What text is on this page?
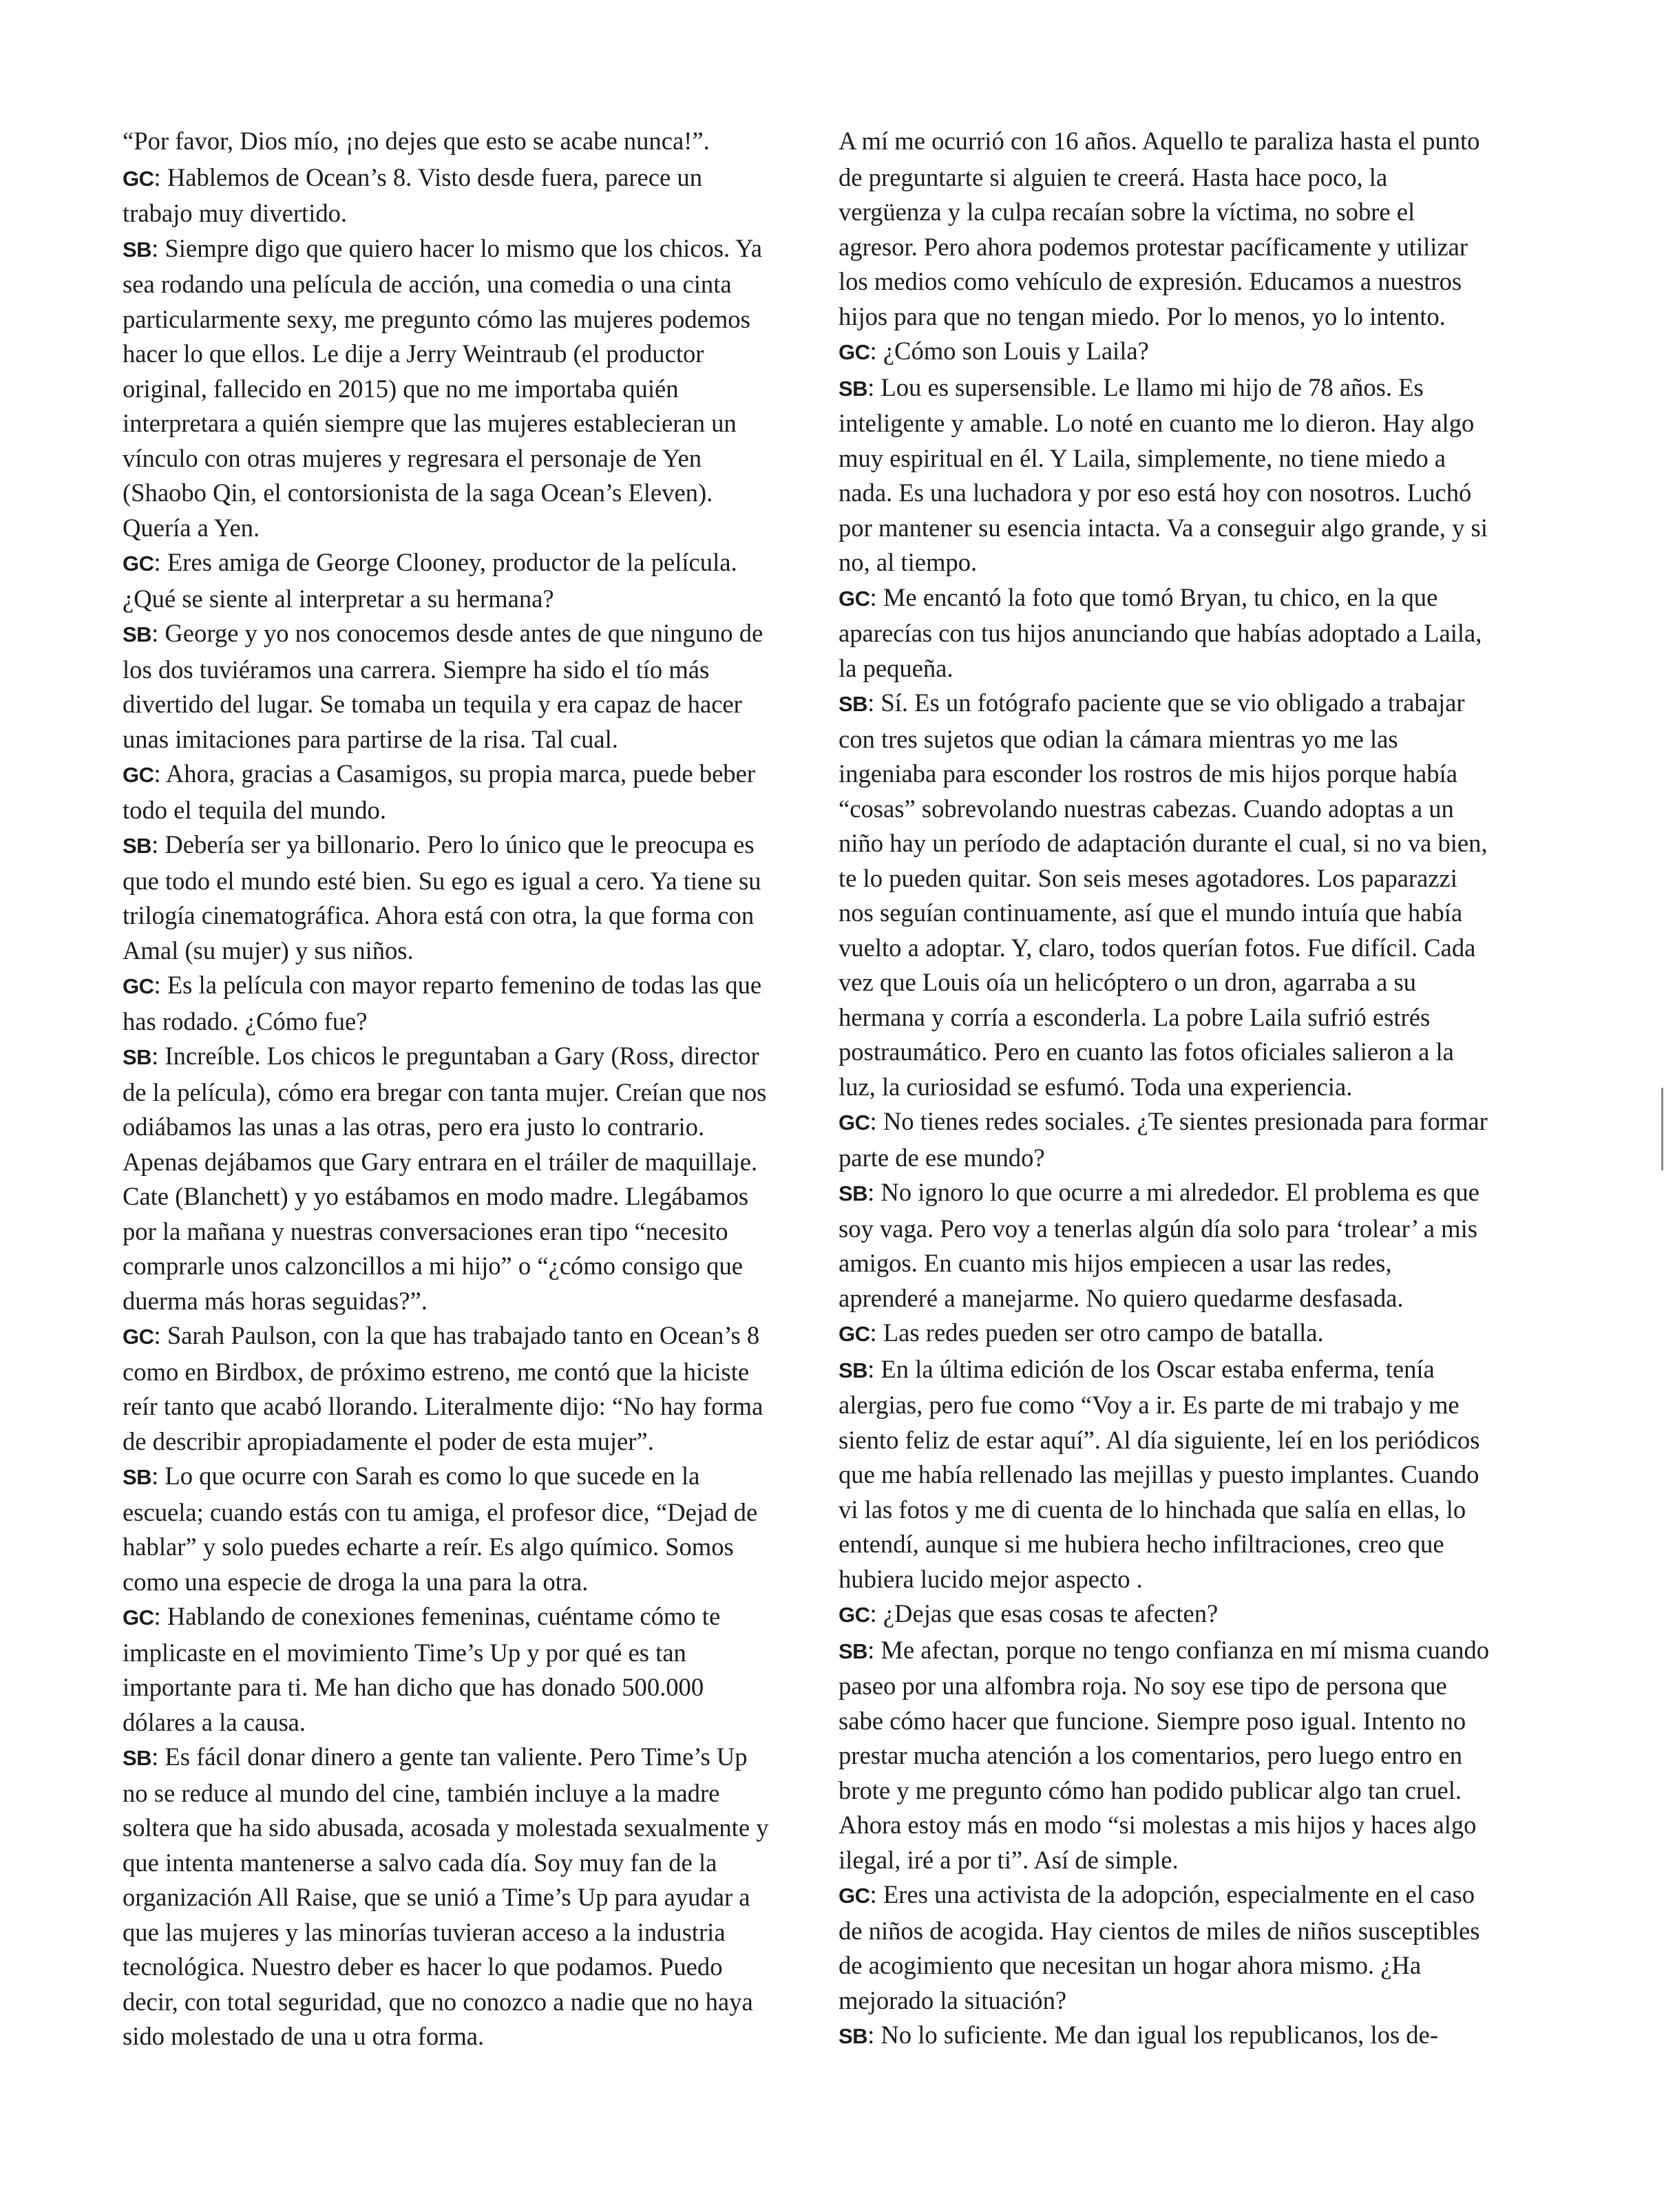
“Por favor, Dios mío, ¡no dejes que esto se acabe nunca!”.

GC: Hablemos de Ocean’s 8. Visto desde fuera, parece un trabajo muy divertido.

SB: Siempre digo que quiero hacer lo mismo que los chicos. Ya sea rodando una película de acción, una comedia o una cinta particularmente sexy, me pregunto cómo las mujeres podemos hacer lo que ellos. Le dije a Jerry Weintraub (el productor original, fallecido en 2015) que no me importaba quién interpretara a quién siempre que las mujeres establecieran un vínculo con otras mujeres y regresara el personaje de Yen (Shaobo Qin, el contorsionista de la saga Ocean’s Eleven). Quería a Yen.

GC: Eres amiga de George Clooney, productor de la película. ¿Qué se siente al interpretar a su hermana?

SB: George y yo nos conocemos desde antes de que ninguno de los dos tuviéramos una carrera. Siempre ha sido el tío más divertido del lugar. Se tomaba un tequila y era capaz de hacer unas imitaciones para partirse de la risa. Tal cual.

GC: Ahora, gracias a Casamigos, su propia marca, puede beber todo el tequila del mundo.

SB: Debería ser ya billonario. Pero lo único que le preocupa es que todo el mundo esté bien. Su ego es igual a cero. Ya tiene su trilogía cinematográfica. Ahora está con otra, la que forma con Amal (su mujer) y sus niños.

GC: Es la película con mayor reparto femenino de todas las que has rodado. ¿Cómo fue?

SB: Increíble. Los chicos le preguntaban a Gary (Ross, director de la película), cómo era bregar con tanta mujer. Creían que nos odiábamos las unas a las otras, pero era justo lo contrario. Apenas dejábamos que Gary entrara en el tráiler de maquillaje. Cate (Blanchett) y yo estábamos en modo madre. Llegábamos por la mañana y nuestras conversaciones eran tipo “necesito comprarle unos calzoncillos a mi hijo” o “¿cómo consigo que duerma más horas seguidas?”.

GC: Sarah Paulson, con la que has trabajado tanto en Ocean’s 8 como en Birdbox, de próximo estreno, me contó que la hiciste reír tanto que acabó llorando. Literalmente dijo: “No hay forma de describir apropiadamente el poder de esta mujer”.

SB: Lo que ocurre con Sarah es como lo que sucede en la escuela; cuando estás con tu amiga, el profesor dice, “Dejad de hablar” y solo puedes echarte a reír. Es algo químico. Somos como una especie de droga la una para la otra.

GC: Hablando de conexiones femeninas, cuéntame cómo te implicaste en el movimiento Time’s Up y por qué es tan importante para ti. Me han dicho que has donado 500.000 dólares a la causa.

SB: Es fácil donar dinero a gente tan valiente. Pero Time’s Up no se reduce al mundo del cine, también incluye a la madre soltera que ha sido abusada, acosada y molestada sexualmente y que intenta mantenerse a salvo cada día. Soy muy fan de la organización All Raise, que se unió a Time’s Up para ayudar a que las mujeres y las minorías tuvieran acceso a la industria tecnológica. Nuestro deber es hacer lo que podamos. Puedo decir, con total seguridad, que no conozco a nadie que no haya sido molestado de una u otra forma.

A mí me ocurrió con 16 años. Aquello te paraliza hasta el punto de preguntarte si alguien te creerá. Hasta hace poco, la vergüenza y la culpa recaían sobre la víctima, no sobre el agresor. Pero ahora podemos protestar pacíficamente y utilizar los medios como vehículo de expresión. Educamos a nuestros hijos para que no tengan miedo. Por lo menos, yo lo intento.

GC: ¿Cómo son Louis y Laila?

SB: Lou es supersensible. Le llamo mi hijo de 78 años. Es inteligente y amable. Lo noté en cuanto me lo dieron. Hay algo muy espiritual en él. Y Laila, simplemente, no tiene miedo a nada. Es una luchadora y por eso está hoy con nosotros. Luchó por mantener su esencia intacta. Va a conseguir algo grande, y si no, al tiempo.

GC: Me encantó la foto que tomó Bryan, tu chico, en la que aparecías con tus hijos anunciando que habías adoptado a Laila, la pequeña.

SB: Sí. Es un fotógrafo paciente que se vio obligado a trabajar con tres sujetos que odian la cámara mientras yo me las ingeniaba para esconder los rostros de mis hijos porque había “cosas” sobrevolando nuestras cabezas. Cuando adoptas a un niño hay un período de adaptación durante el cual, si no va bien, te lo pueden quitar. Son seis meses agotadores. Los paparazzi nos seguían continuamente, así que el mundo intuía que había vuelto a adoptar. Y, claro, todos querían fotos. Fue difícil. Cada vez que Louis oía un helicóptero o un dron, agarraba a su hermana y corría a esconderla. La pobre Laila sufrió estrés postraumático. Pero en cuanto las fotos oficiales salieron a la luz, la curiosidad se esfumó. Toda una experiencia.

GC: No tienes redes sociales. ¿Te sientes presionada para formar parte de ese mundo?

SB: No ignoro lo que ocurre a mi alrededor. El problema es que soy vaga. Pero voy a tenerlas algún día solo para ‘trolear’ a mis amigos. En cuanto mis hijos empiecen a usar las redes, aprenderé a manejarme. No quiero quedarme desfasada.

GC: Las redes pueden ser otro campo de batalla.

SB: En la última edición de los Oscar estaba enferma, tenía alergias, pero fue como “Voy a ir. Es parte de mi trabajo y me siento feliz de estar aquí”. Al día siguiente, leí en los periódicos que me había rellenado las mejillas y puesto implantes. Cuando vi las fotos y me di cuenta de lo hinchada que salía en ellas, lo entendí, aunque si me hubiera hecho infiltraciones, creo que hubiera lucido mejor aspecto .

GC: ¿Dejas que esas cosas te afecten?

SB: Me afectan, porque no tengo confianza en mí misma cuando paseo por una alfombra roja. No soy ese tipo de persona que sabe cómo hacer que funcione. Siempre poso igual. Intento no prestar mucha atención a los comentarios, pero luego entro en brote y me pregunto cómo han podido publicar algo tan cruel. Ahora estoy más en modo “si molestas a mis hijos y haces algo ilegal, iré a por ti”. Así de simple.

GC: Eres una activista de la adopción, especialmente en el caso de niños de acogida. Hay cientos de miles de niños susceptibles de acogimiento que necesitan un hogar ahora mismo. ¿Ha mejorado la situación?

SB: No lo suficiente. Me dan igual los republicanos, los de-
